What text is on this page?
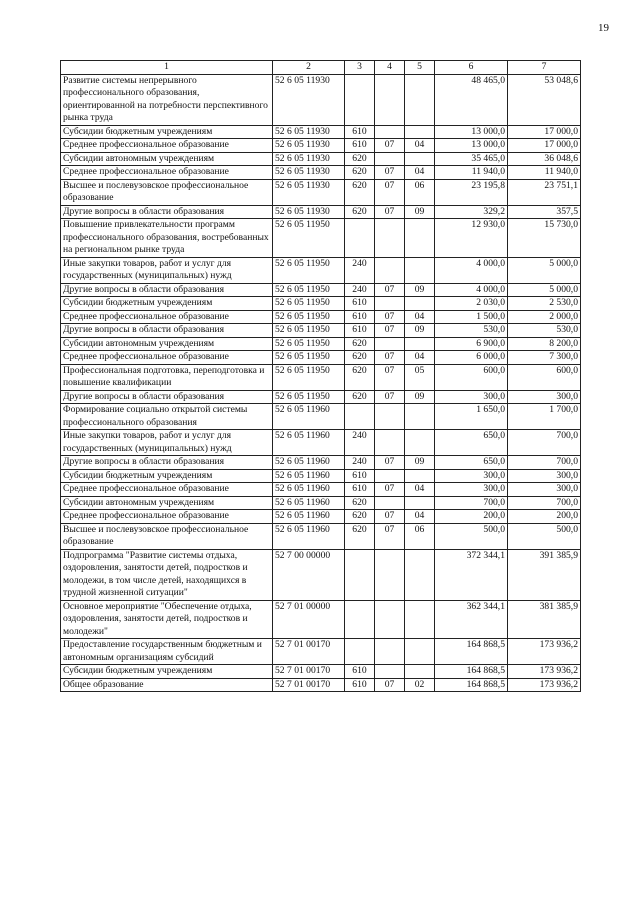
19
1	2	3	4	5	6	7
Развитие системы непрерывного профессионального образования, ориентированной на потребности перспективного рынка труда	52 6 05 11930				48 465,0	53 048,6
Субсидии бюджетным учреждениям	52 6 05 11930	610			13 000,0	17 000,0
Среднее профессиональное образование	52 6 05 11930	610	07	04	13 000,0	17 000,0
Субсидии автономным учреждениям	52 6 05 11930	620			35 465,0	36 048,6
Среднее профессиональное образование	52 6 05 11930	620	07	04	11 940,0	11 940,0
Высшее и послевузовское профессиональное образование	52 6 05 11930	620	07	06	23 195,8	23 751,1
Другие вопросы в области образования	52 6 05 11930	620	07	09	329,2	357,5
Повышение привлекательности программ профессионального образования, востребованных на региональном рынке труда	52 6 05 11950				12 930,0	15 730,0
Иные закупки товаров, работ и услуг для государственных (муниципальных) нужд	52 6 05 11950	240			4 000,0	5 000,0
Другие вопросы в области образования	52 6 05 11950	240	07	09	4 000,0	5 000,0
Субсидии бюджетным учреждениям	52 6 05 11950	610			2 030,0	2 530,0
Среднее профессиональное образование	52 6 05 11950	610	07	04	1 500,0	2 000,0
Другие вопросы в области образования	52 6 05 11950	610	07	09	530,0	530,0
Субсидии автономным учреждениям	52 6 05 11950	620			6 900,0	8 200,0
Среднее профессиональное образование	52 6 05 11950	620	07	04	6 000,0	7 300,0
Профессиональная подготовка, переподготовка и повышение квалификации	52 6 05 11950	620	07	05	600,0	600,0
Другие вопросы в области образования	52 6 05 11950	620	07	09	300,0	300,0
Формирование социально открытой системы профессионального образования	52 6 05 11960				1 650,0	1 700,0
Иные закупки товаров, работ и услуг для государственных (муниципальных) нужд	52 6 05 11960	240			650,0	700,0
Другие вопросы в области образования	52 6 05 11960	240	07	09	650,0	700,0
Субсидии бюджетным учреждениям	52 6 05 11960	610			300,0	300,0
Среднее профессиональное образование	52 6 05 11960	610	07	04	300,0	300,0
Субсидии автономным учреждениям	52 6 05 11960	620			700,0	700,0
Среднее профессиональное образование	52 6 05 11960	620	07	04	200,0	200,0
Высшее и послевузовское профессиональное образование	52 6 05 11960	620	07	06	500,0	500,0
Подпрограмма "Развитие системы отдыха, оздоровления, занятости детей, подростков и молодежи, в том числе детей, находящихся в трудной жизненной ситуации"	52 7 00 00000				372 344,1	391 385,9
Основное мероприятие "Обеспечение отдыха, оздоровления, занятости детей, подростков и молодежи"	52 7 01 00000				362 344,1	381 385,9
Предоставление государственным бюджетным и автономным организациям субсидий	52 7 01 00170				164 868,5	173 936,2
Субсидии бюджетным учреждениям	52 7 01 00170	610			164 868,5	173 936,2
Общее образование	52 7 01 00170	610	07	02	164 868,5	173 936,2
